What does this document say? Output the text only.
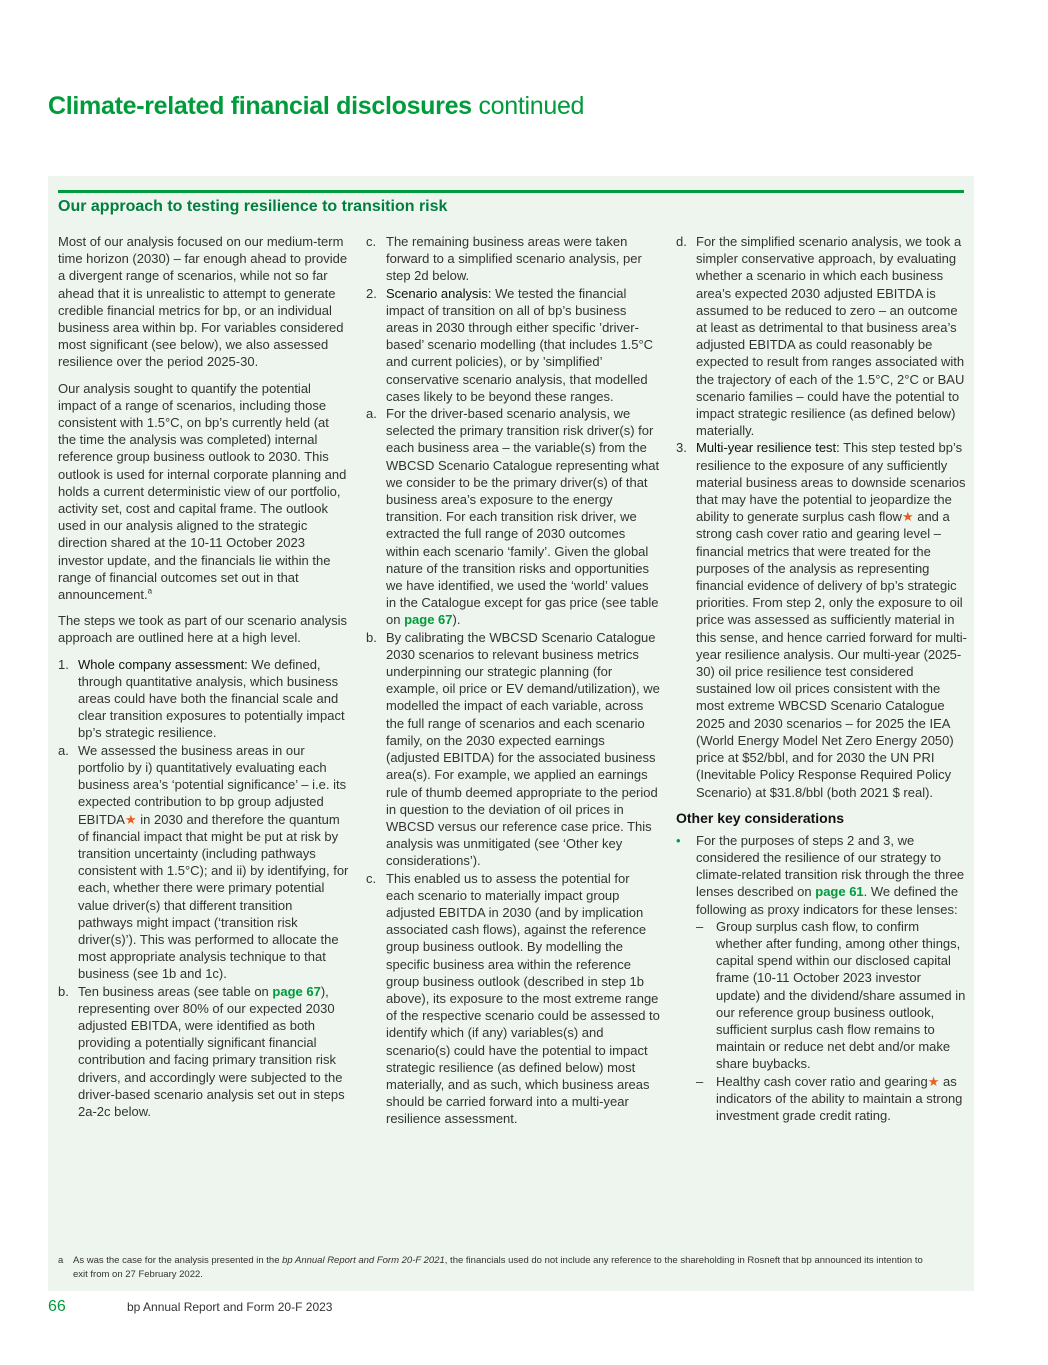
Climate-related financial disclosures continued
Our approach to testing resilience to transition risk

Most of our analysis focused on our medium-term time horizon (2030) – far enough ahead to provide a divergent range of scenarios, while not so far ahead that it is unrealistic to attempt to generate credible financial metrics for bp, or an individual business area within bp. For variables considered most significant (see below), we also assessed resilience over the period 2025-30.

Our analysis sought to quantify the potential impact of a range of scenarios, including those consistent with 1.5°C, on bp’s currently held (at the time the analysis was completed) internal reference group business outlook to 2030. This outlook is used for internal corporate planning and holds a current deterministic view of our portfolio, activity set, cost and capital frame. The outlook used in our analysis aligned to the strategic direction shared at the 10-11 October 2023 investor update, and the financials lie within the range of financial outcomes set out in that announcement.$^a$

The steps we took as part of our scenario analysis approach are outlined here at a high level.

1. Whole company assessment: We defined, through quantitative analysis, which business areas could have both the financial scale and clear transition exposures to potentially impact bp’s strategic resilience.
a. We assessed the business areas in our portfolio by i) quantitatively evaluating each business area’s ‘potential significance’ – i.e. its expected contribution to bp group adjusted EBITDA★ in 2030 and therefore the quantum of financial impact that might be put at risk by transition uncertainty (including pathways consistent with 1.5°C); and ii) by identifying, for each, whether there were primary potential value driver(s) that different transition pathways might impact (‘transition risk driver(s)’). This was performed to allocate the most appropriate analysis technique to that business (see 1b and 1c).
b. Ten business areas (see table on page 67), representing over 80% of our expected 2030 adjusted EBITDA, were identified as both providing a potentially significant financial contribution and facing primary transition risk drivers, and accordingly were subjected to the driver-based scenario analysis set out in steps 2a-2c below.
c. The remaining business areas were taken forward to a simplified scenario analysis, per step 2d below.
2. Scenario analysis: We tested the financial impact of transition on all of bp’s business areas in 2030 through either specific ’driver-based’ scenario modelling (that includes 1.5°C and current policies), or by ’simplified’ conservative scenario analysis, that modelled cases likely to be beyond these ranges.
a. For the driver-based scenario analysis, we selected the primary transition risk driver(s) for each business area – the variable(s) from the WBCSD Scenario Catalogue representing what we consider to be the primary driver(s) of that business area’s exposure to the energy transition. For each transition risk driver, we extracted the full range of 2030 outcomes within each scenario ‘family’. Given the global nature of the transition risks and opportunities we have identified, we used the ‘world’ values in the Catalogue except for gas price (see table on page 67).
b. By calibrating the WBCSD Scenario Catalogue 2030 scenarios to relevant business metrics underpinning our strategic planning (for example, oil price or EV demand/utilization), we modelled the impact of each variable, across the full range of scenarios and each scenario family, on the 2030 expected earnings (adjusted EBITDA) for the associated business area(s). For example, we applied an earnings rule of thumb deemed appropriate to the period in question to the deviation of oil prices in WBCSD versus our reference case price. This analysis was unmitigated (see ‘Other key considerations’).
c. This enabled us to assess the potential for each scenario to materially impact group adjusted EBITDA in 2030 (and by implication associated cash flows), against the reference group business outlook. By modelling the specific business area within the reference group business outlook (described in step 1b above), its exposure to the most extreme range of the respective scenario could be assessed to identify which (if any) variables(s) and scenario(s) could have the potential to impact strategic resilience (as defined below) most materially, and as such, which business areas should be carried forward into a multi-year resilience assessment.
d. For the simplified scenario analysis, we took a simpler conservative approach, by evaluating whether a scenario in which each business area’s expected 2030 adjusted EBITDA is assumed to be reduced to zero – an outcome at least as detrimental to that business area’s adjusted EBITDA as could reasonably be expected to result from ranges associated with the trajectory of each of the 1.5°C, 2°C or BAU scenario families – could have the potential to impact strategic resilience (as defined below) materially.
3. Multi-year resilience test: This step tested bp’s resilience to the exposure of any sufficiently material business areas to downside scenarios that may have the potential to jeopardize the ability to generate surplus cash flow★ and a strong cash cover ratio and gearing level – financial metrics that were treated for the purposes of the analysis as representing financial evidence of delivery of bp’s strategic priorities. From step 2, only the exposure to oil price was assessed as sufficiently material in this sense, and hence carried forward for multi-year resilience analysis. Our multi-year (2025-30) oil price resilience test considered sustained low oil prices consistent with the most extreme WBCSD Scenario Catalogue 2025 and 2030 scenarios – for 2025 the IEA (World Energy Model Net Zero Energy 2050) price at $52/bbl, and for 2030 the UN PRI (Inevitable Policy Response Required Policy Scenario) at $31.8/bbl (both 2021 $ real).
Other key considerations
• For the purposes of steps 2 and 3, we considered the resilience of our strategy to climate-related transition risk through the three lenses described on page 61. We defined the following as proxy indicators for these lenses:
– Group surplus cash flow, to confirm whether after funding, among other things, capital spend within our disclosed capital frame (10-11 October 2023 investor update) and the dividend/share assumed in our reference group business outlook, sufficient surplus cash flow remains to maintain or reduce net debt and/or make share buybacks.
– Healthy cash cover ratio and gearing★ as indicators of the ability to maintain a strong investment grade credit rating.
a	As was the case for the analysis presented in the bp Annual Report and Form 20-F 2021, the financials used do not include any reference to the shareholding in Rosneft that bp announced its intention to exit from on 27 February 2022.
66	bp Annual Report and Form 20-F 2023
